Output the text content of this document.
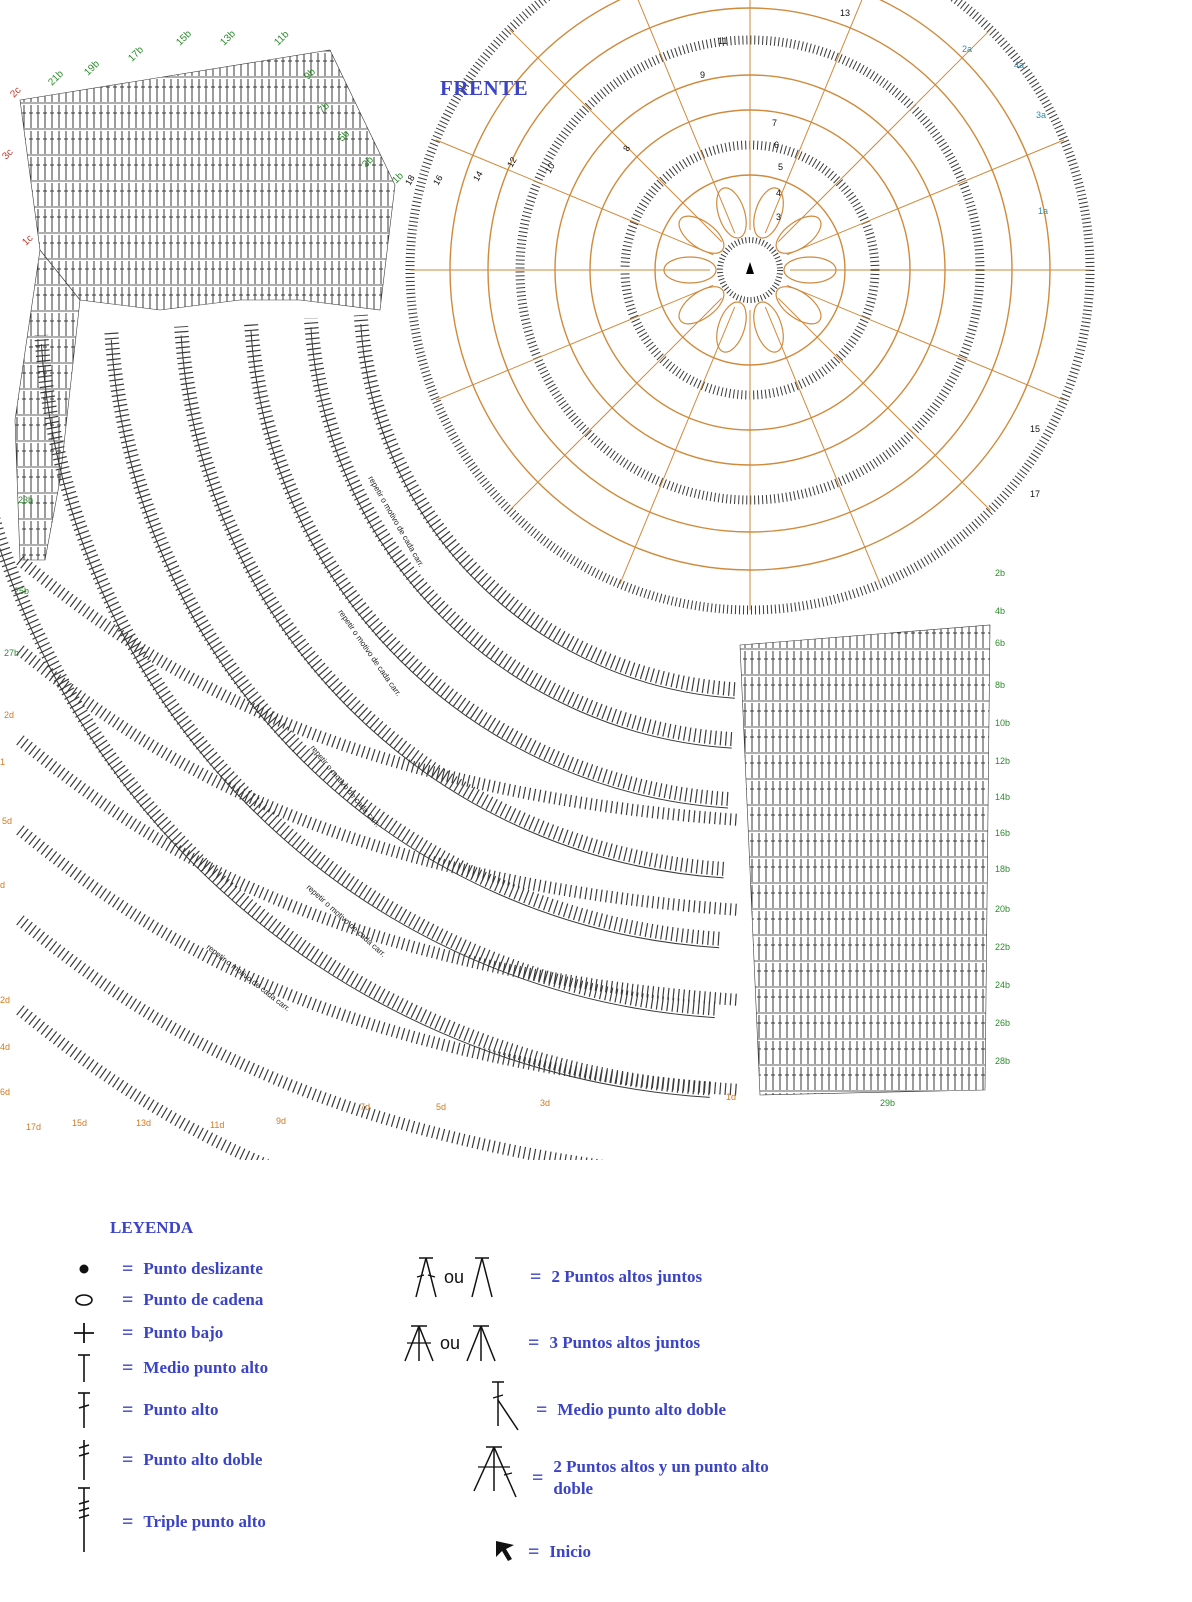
2c
3c
1c
21b
19b
17b
15b 13b	11b
9b
7b
5b
3b
1b
18 16	14
12	10
8
9
11
13
7
6
5
4
3
15
17
2a
4a
3a
1a
2b
4b
6b
8b
10b
12b
14b
16b
18b
20b
22b
24b
26b
28b
29b
23b
25b
27b
2d
1
5d
d
2d
4d
6d
17d	15d	13d	11d	9d
7d	5d	3d
1d
repetir o motivo de cada carr.
repetir o motivo de cada carr.
repetir o motivo de cada carr.
repetir o motivo de cada carr.
repetir o motivo de cada carr.
FRENTE
LEYENDA
= Punto deslizante
= Punto de cadena
= Punto bajo
= Medio punto alto
= Punto alto
= Punto alto doble
= Triple punto alto
ou	= 2 Puntos altos juntos
ou	= 3 Puntos altos juntos
= Medio punto alto doble
= 2 Puntos altos y un punto alto doble
= Inicio
